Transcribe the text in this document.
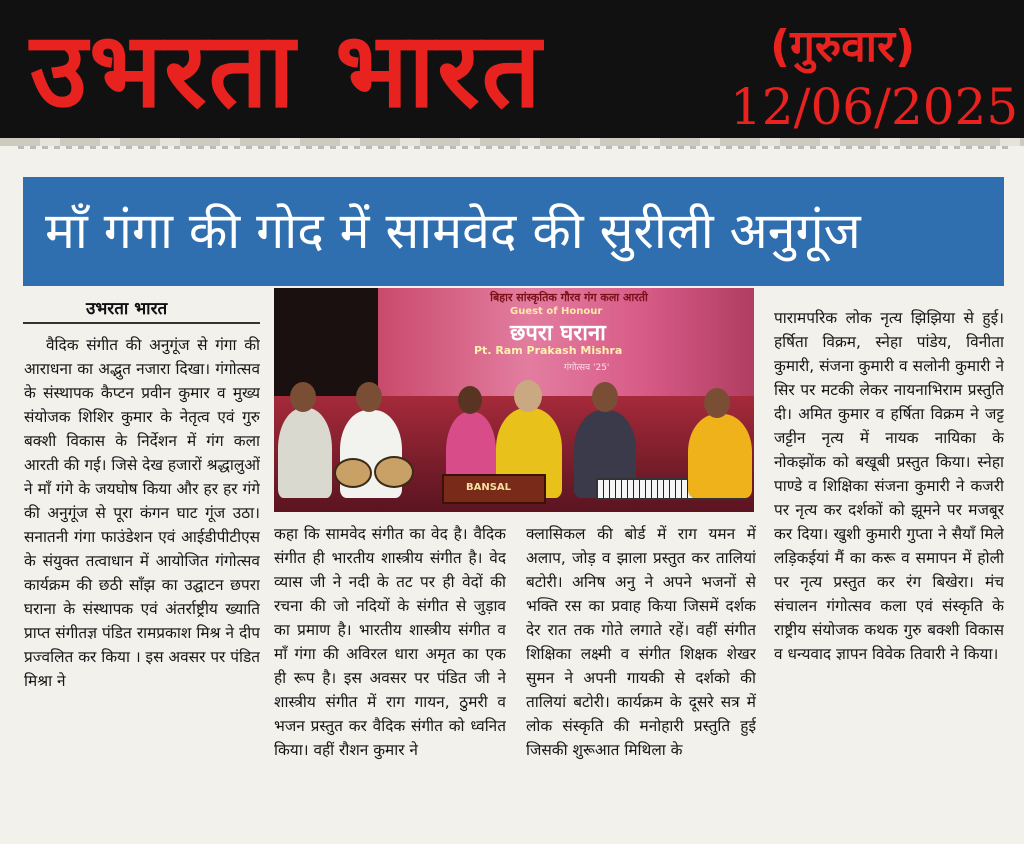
उभरता भारत	(गुरुवार)
12/06/2025
माँ गंगा की गोद में सामवेद की सुरीली अनुगूंज
उभरता भारत
वैदिक संगीत की अनुगूंज से गंगा की आराधना का अद्भुत नजारा दिखा। गंगोत्सव के संस्थापक कैप्टन प्रवीन कुमार व मुख्य संयोजक शिशिर कुमार के नेतृत्व एवं गुरु बक्शी विकास के निर्देशन में गंग कला आरती की गई। जिसे देख हजारों श्रद्धालुओं ने माँ गंगे के जयघोष किया और हर हर गंगे की अनुगूंज से पूरा कंगन घाट गूंज उठा। सनातनी गंगा फाउंडेशन एवं आईडीपीटीएस के संयुक्त तत्वाधान में आयोजित गंगोत्सव कार्यक्रम की छठी साँझ का उद्घाटन छपरा घराना के संस्थापक एवं अंतर्राष्ट्रीय ख्याति प्राप्त संगीतज्ञ पंडित रामप्रकाश मिश्र ने दीप प्रज्वलित कर किया । इस अवसर पर पंडित मिश्रा ने
बिहार सांस्कृतिक गौरव गंग कला आरती
Guest of Honour
छपरा घराना
Pt. Ram Prakash Mishra
गंगोत्सव '25'
BANSAL
कहा कि सामवेद संगीत का वेद है। वैदिक संगीत ही भारतीय शास्त्रीय संगीत है। वेद व्यास जी ने नदी के तट पर ही वेदों की रचना की जो नदियों के संगीत से जुड़ाव का प्रमाण है। भारतीय शास्त्रीय संगीत व माँ गंगा की अविरल धारा अमृत का एक ही रूप है। इस अवसर पर पंडित जी ने शास्त्रीय संगीत में राग गायन, ठुमरी व भजन प्रस्तुत कर वैदिक संगीत को ध्वनित किया। वहीं रौशन कुमार ने
क्लासिकल की बोर्ड में राग यमन में अलाप, जोड़ व झाला प्रस्तुत कर तालियां बटोरी। अनिष अनु ने अपने भजनों से भक्ति रस का प्रवाह किया जिसमें दर्शक देर रात तक गोते लगाते रहें। वहीं संगीत शिक्षिका लक्ष्मी व संगीत शिक्षक शेखर सुमन ने अपनी गायकी से दर्शको की तालियां बटोरी। कार्यक्रम के दूसरे सत्र में लोक संस्कृति की मनोहारी प्रस्तुति हुई जिसकी शुरूआत मिथिला के
पारामपरिक लोक नृत्य झिझिया से हुई। हर्षिता विक्रम, स्नेहा पांडेय, विनीता कुमारी, संजना कुमारी व सलोनी कुमारी ने सिर पर मटकी लेकर नायनाभिराम प्रस्तुति दी। अमित कुमार व हर्षिता विक्रम ने जट्ट जट्टीन नृत्य में नायक नायिका के नोकझोंक को बखूबी प्रस्तुत किया। स्नेहा पाण्डे व शिक्षिका संजना कुमारी ने कजरी पर नृत्य कर दर्शकों को झूमने पर मजबूर कर दिया। खुशी कुमारी गुप्ता ने सैयाँ मिले लड़िकईयां मैं का करू व समापन में होली पर नृत्य प्रस्तुत कर रंग बिखेरा। मंच संचालन गंगोत्सव कला एवं संस्कृति के राष्ट्रीय संयोजक कथक गुरु बक्शी विकास व धन्यवाद ज्ञापन विवेक तिवारी ने किया।
